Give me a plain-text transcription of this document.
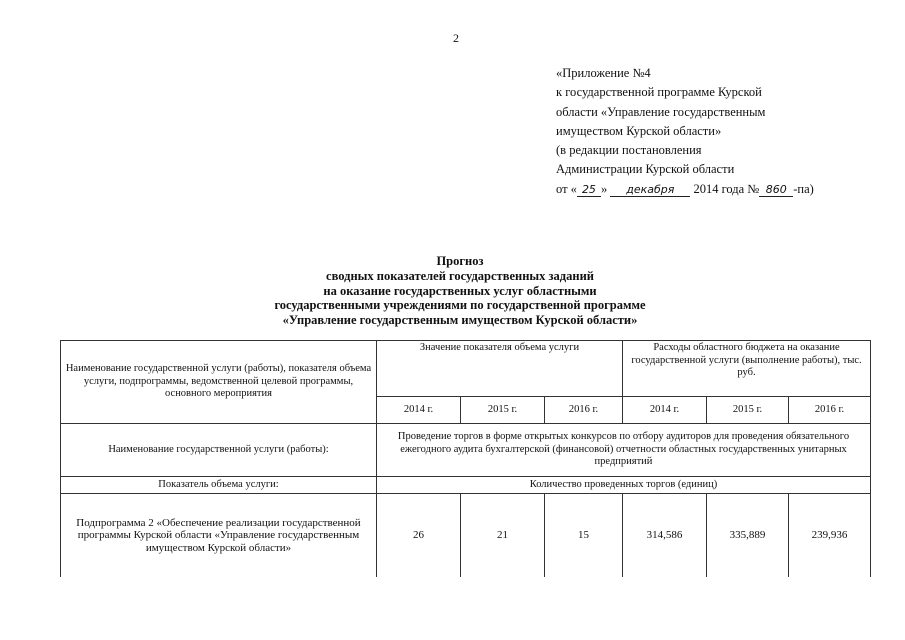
2
«Приложение №4
к государственной программе Курской
области «Управление государственным
имуществом Курской области»
(в редакции постановления
Администрации Курской области
от « 25 » декабря 2014 года № 860 -па)
Прогноз
сводных показателей государственных заданий
на оказание государственных услуг областными
государственными учреждениями по государственной программе
«Управление государственным имуществом Курской области»
Наименование государственной услуги (работы), показателя объема услуги, подпрограммы, ведомственной целевой программы, основного мероприятия	Значение показателя объема услуги			Расходы областного бюджета на оказание государственной услуги (выполнение работы), тыс. руб.		
	2014 г.	2015 г.	2016 г.	2014 г.	2015 г.	2016 г.
Наименование государственной услуги (работы):	Проведение торгов в форме открытых конкурсов по отбору аудиторов для проведения обязательного ежегодного аудита бухгалтерской (финансовой) отчетности областных государственных унитарных предприятий					
Показатель объема услуги:	Количество проведенных торгов (единиц)					
Подпрограмма 2 «Обеспечение реализации государственной программы Курской области «Управление государственным имуществом Курской области»	26	21	15	314,586	335,889	239,936
